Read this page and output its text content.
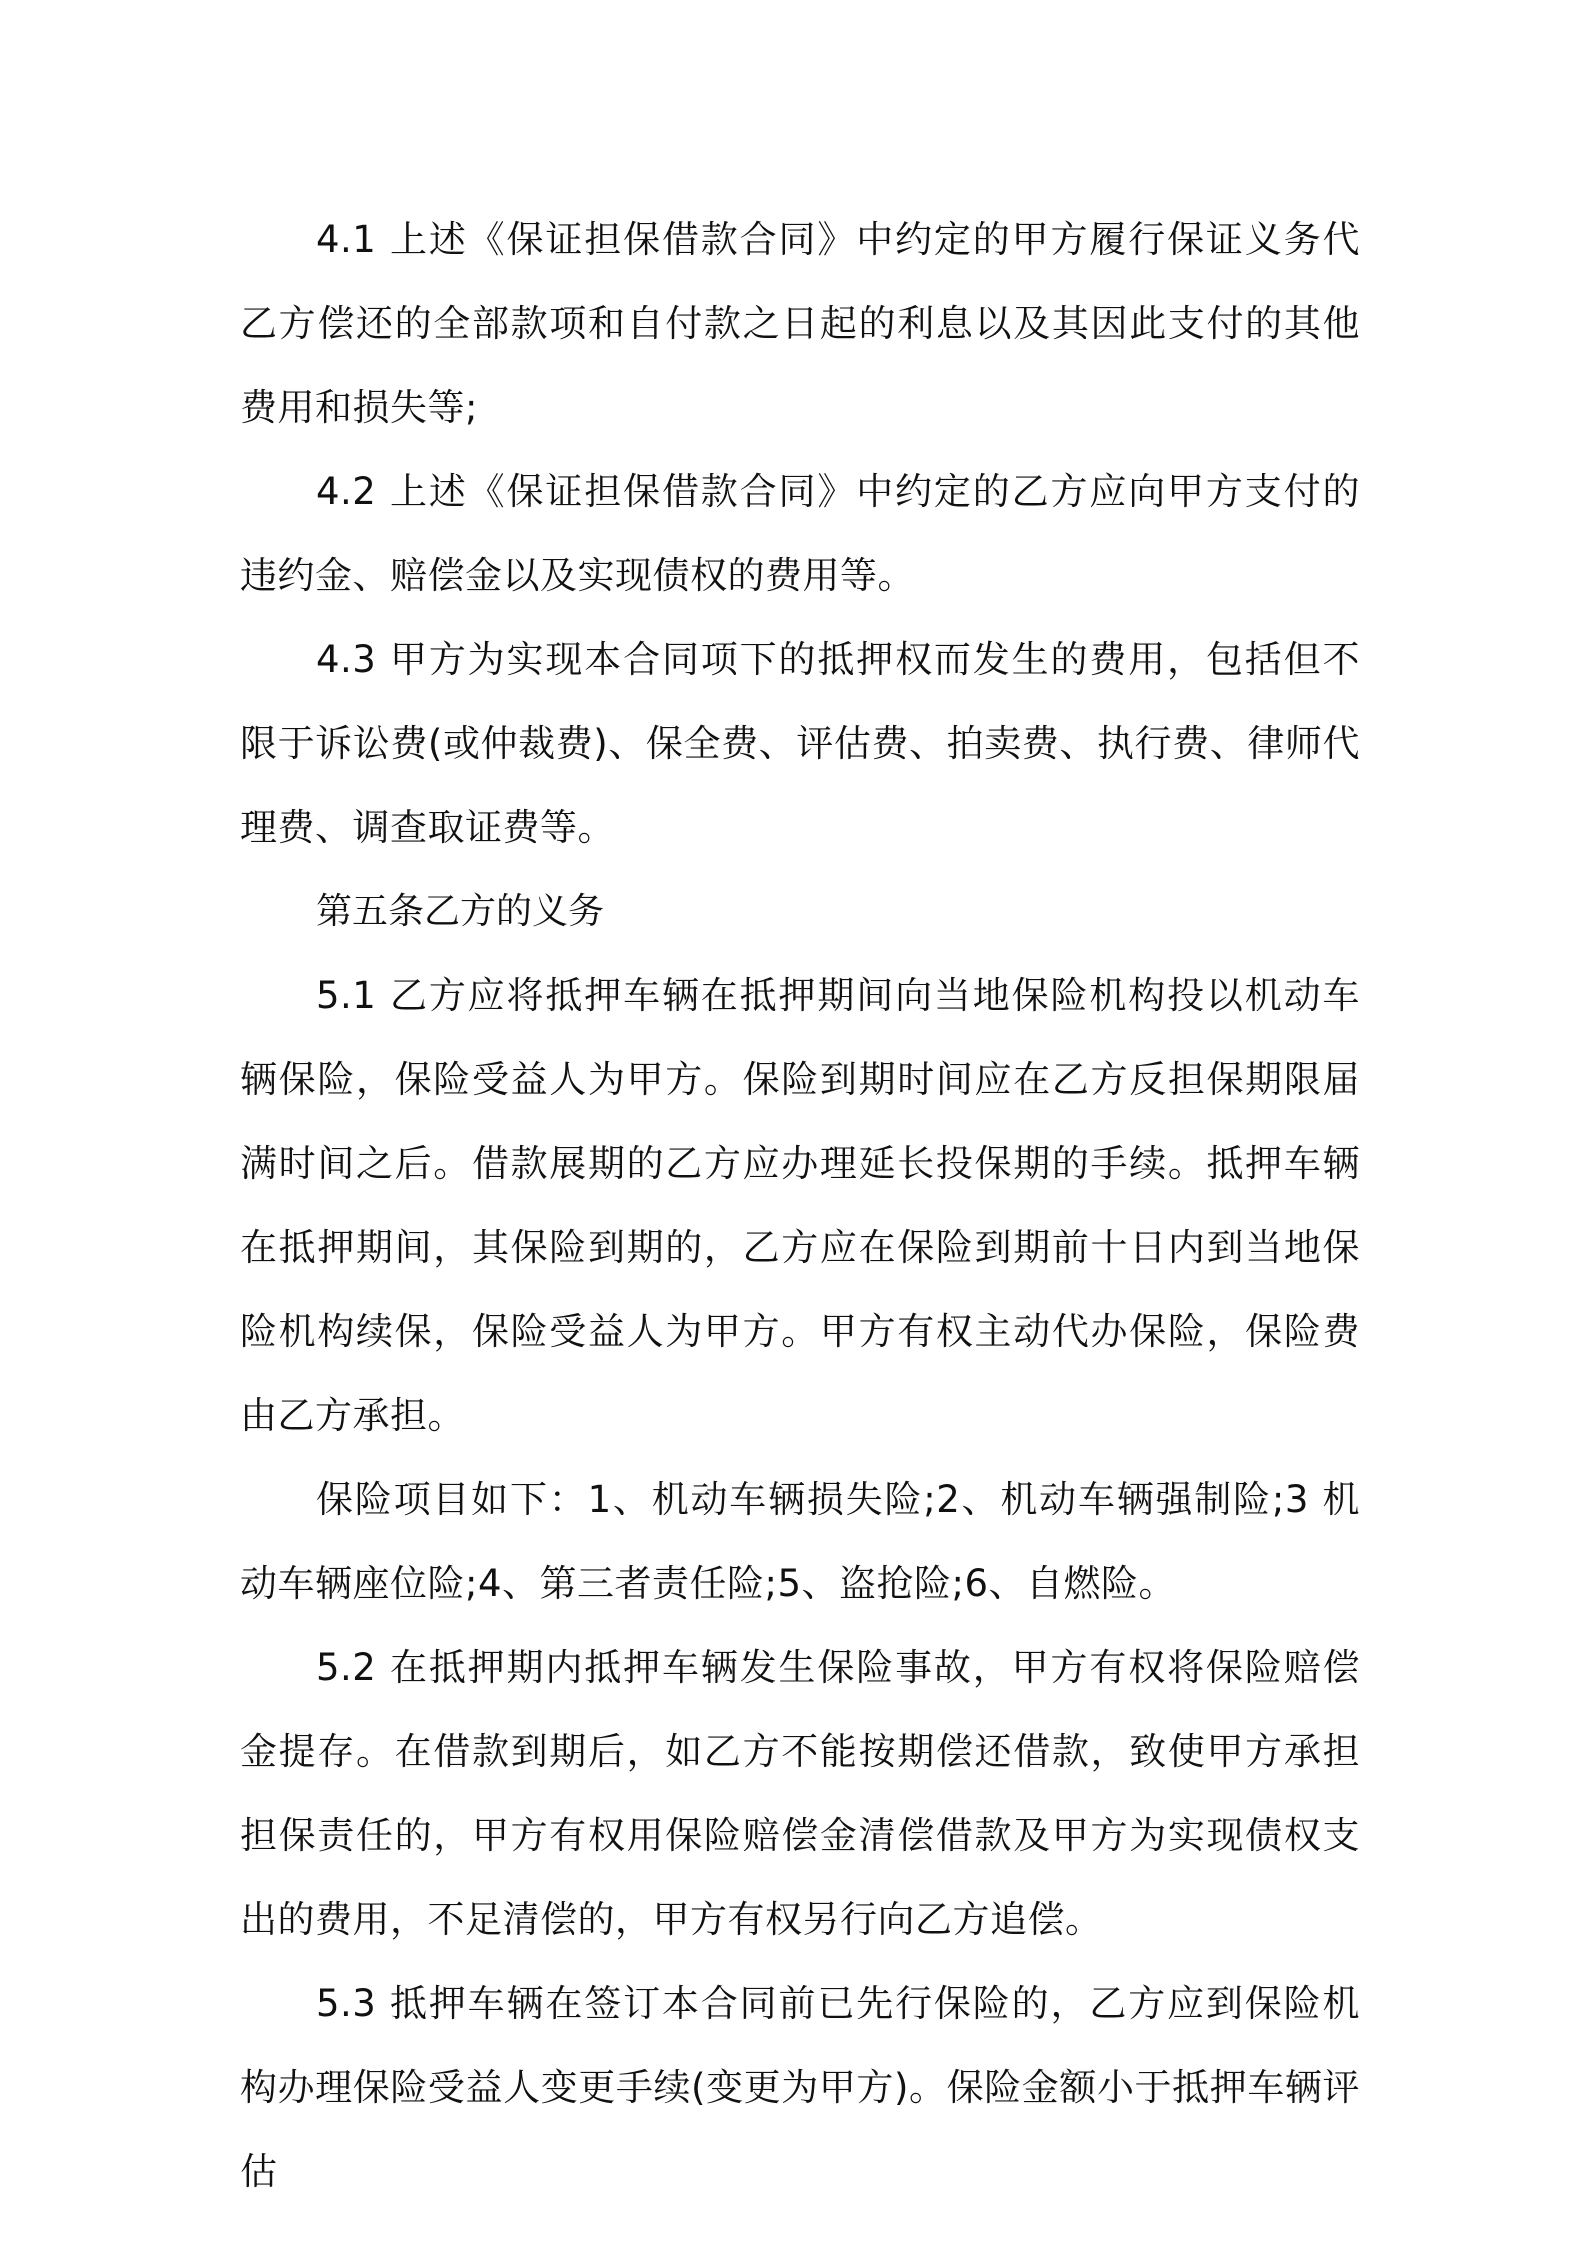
4.1 上述《保证担保借款合同》中约定的甲方履行保证义务代乙方偿还的全部款项和自付款之日起的利息以及其因此支付的其他费用和损失等;

4.2 上述《保证担保借款合同》中约定的乙方应向甲方支付的违约金、赔偿金以及实现债权的费用等。

4.3 甲方为实现本合同项下的抵押权而发生的费用，包括但不限于诉讼费(或仲裁费)、保全费、评估费、拍卖费、执行费、律师代理费、调查取证费等。

第五条乙方的义务

5.1 乙方应将抵押车辆在抵押期间向当地保险机构投以机动车辆保险，保险受益人为甲方。保险到期时间应在乙方反担保期限届满时间之后。借款展期的乙方应办理延长投保期的手续。抵押车辆在抵押期间，其保险到期的，乙方应在保险到期前十日内到当地保险机构续保，保险受益人为甲方。甲方有权主动代办保险，保险费由乙方承担。

保险项目如下：1、机动车辆损失险;2、机动车辆强制险;3 机动车辆座位险;4、第三者责任险;5、盗抢险;6、自燃险。

5.2 在抵押期内抵押车辆发生保险事故，甲方有权将保险赔偿金提存。在借款到期后，如乙方不能按期偿还借款，致使甲方承担担保责任的，甲方有权用保险赔偿金清偿借款及甲方为实现债权支出的费用，不足清偿的，甲方有权另行向乙方追偿。

5.3 抵押车辆在签订本合同前已先行保险的，乙方应到保险机构办理保险受益人变更手续(变更为甲方)。保险金额小于抵押车辆评估
